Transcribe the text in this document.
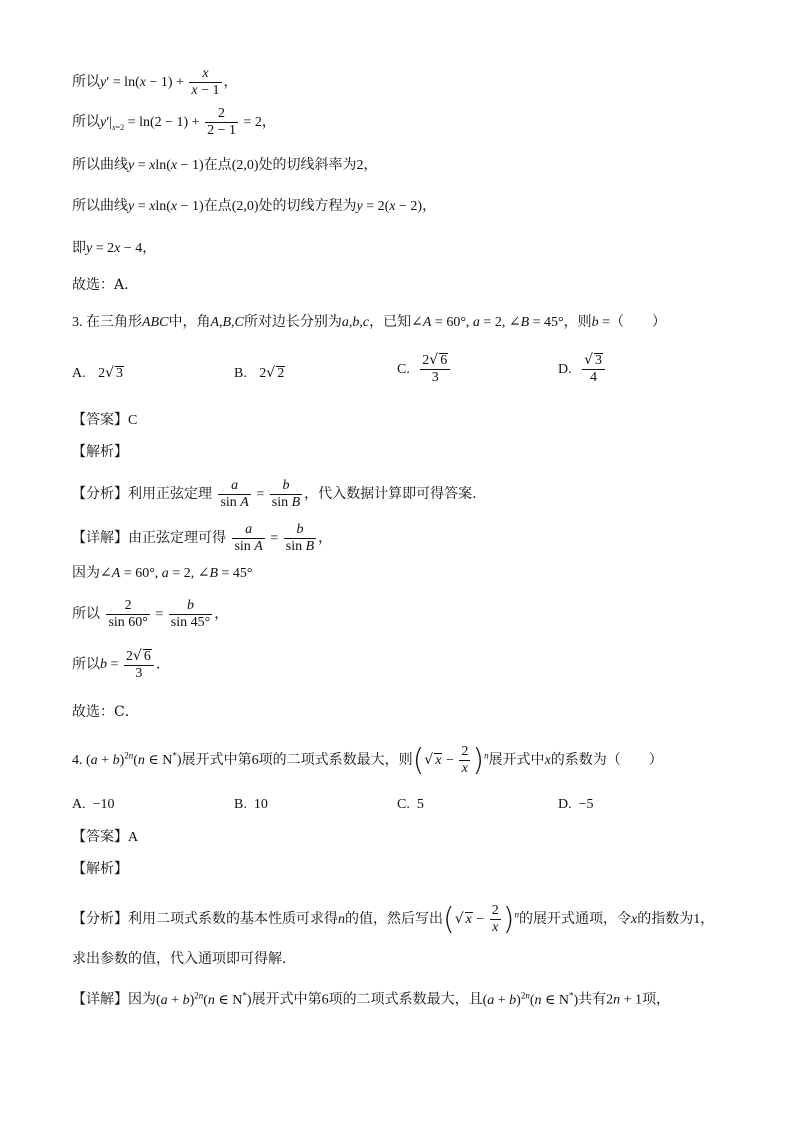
所以$y' = \ln(x - 1) + \frac{x}{x - 1}$ ，
所以$y'|_{x=2} = \ln(2 - 1) + \frac{2}{2 - 1} = 2$，
所以曲线y = xln(x − 1)在点(2,0)处的切线斜率为2，
所以曲线y = xln(x − 1)在点(2,0)处的切线方程为y = 2(x − 2)，
即y = 2x − 4，
故选：A.
3. 在三角形ABC中，角A,B,C所对边长分别为a,b,c，已知∠A = 60°, a = 2, ∠B = 45°，则b =（　　）
A. 2√ 3	B. 2√ 2	C. $\frac{2√ 6}{3}$	D. $\frac{√ 3}{4}$
【答案】C
【解析】
【分析】利用正弦定理 $\frac{a}{\text{sin A}} = \frac{b}{\text{sin B}}$ ，代入数据计算即可得答案．
【详解】由正弦定理可得 $\frac{a}{\text{sin A}} = \frac{b}{\text{sin B}}$ ，
因为∠A = 60°, a = 2, ∠B = 45°
所以 $\frac{2}{\sin 60^\circ} = \frac{b}{\sin 45^\circ}$ ，
所以$b = \frac{2√ 6}{3}$ .
故选：C．
4. $(a + b)^{2n}(n$ ∈ N*)展开式中第6项的二项式系数最大，则(√ $x - \frac{2}{x} )^n$展开式中x的系数为（　　）
A. −10	B. 10	C. 5	D. −5
【答案】A
【解析】
【分析】利用二项式系数的基本性质可求得n的值，然后写出(√ $x - \frac{2}{x} )^n$的展开式通项，令x的指数为1，
求出参数的值，代入通项即可得解.
【详解】因为$(a + b)^{2n}(n$ ∈ N*)展开式中第6项的二项式系数最大，且$(a + b)^{2n}(n$ ∈ N*)共有2n + 1项，
